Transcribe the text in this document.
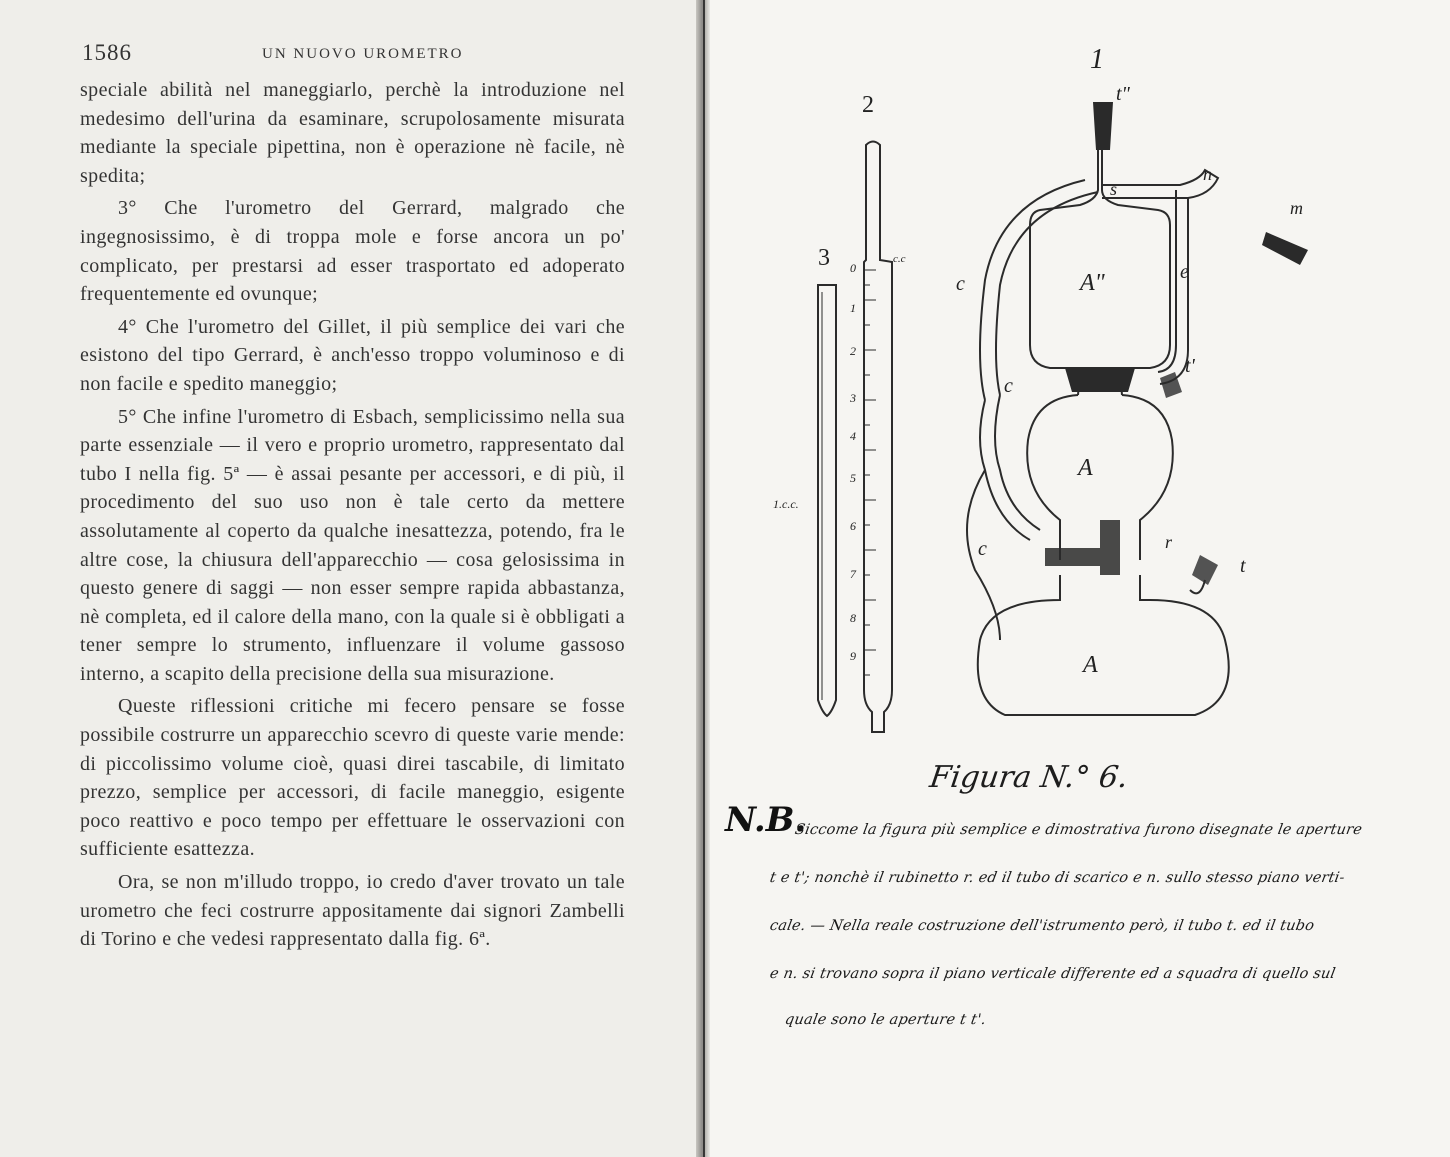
1586	UN NUOVO UROMETRO

speciale abilità nel maneggiarlo, perchè la introduzione nel medesimo dell'urina da esaminare, scrupolosamente misurata mediante la speciale pipettina, non è operazione nè facile, nè spedita;

3° Che l'urometro del Gerrard, malgrado che ingegnosissimo, è di troppa mole e forse ancora un po' complicato, per prestarsi ad esser trasportato ed adoperato frequentemente ed ovunque;

4° Che l'urometro del Gillet, il più semplice dei vari che esistono del tipo Gerrard, è anch'esso troppo voluminoso e di non facile e spedito maneggio;

5° Che infine l'urometro di Esbach, semplicissimo nella sua parte essenziale — il vero e proprio urometro, rappresentato dal tubo I nella fig. 5ª — è assai pesante per accessori, e di più, il procedimento del suo uso non è tale certo da mettere assolutamente al coperto da qualche inesattezza, potendo, fra le altre cose, la chiusura dell'apparecchio — cosa gelosissima in questo genere di saggi — non esser sempre rapida abbastanza, nè completa, ed il calore della mano, con la quale si è obbligati a tener sempre lo strumento, influenzare il volume gassoso interno, a scapito della precisione della sua misurazione.

Queste riflessioni critiche mi fecero pensare se fosse possibile costrurre un apparecchio scevro di queste varie mende: di piccolissimo volume cioè, quasi direi tascabile, di limitato prezzo, semplice per accessori, di facile maneggio, esigente poco reattivo e poco tempo per effettuare le osservazioni con sufficiente esattezza.

Ora, se non m'illudo troppo, io credo d'aver trovato un tale urometro che feci costrurre appositamente dai signori Zambelli di Torino e che vedesi rappresentato dalla fig. 6ª.

1
2
3	c.c
1.c.c.
t"
t'
t
s
n
m
e
r
c
c
c
A"
A
A
0
1
2
3
4
5
6
7
8
9
Figura N.° 6.
N.B.
Siccome la figura più semplice e dimostrativa furono disegnate le aperture
t e t'; nonchè il rubinetto r. ed il tubo di scarico e n. sullo stesso piano verti-
cale. — Nella reale costruzione dell'istrumento però, il tubo t. ed il tubo
e n. si trovano sopra il piano verticale differente ed a squadra di quello sul
quale sono le aperture t t'.
